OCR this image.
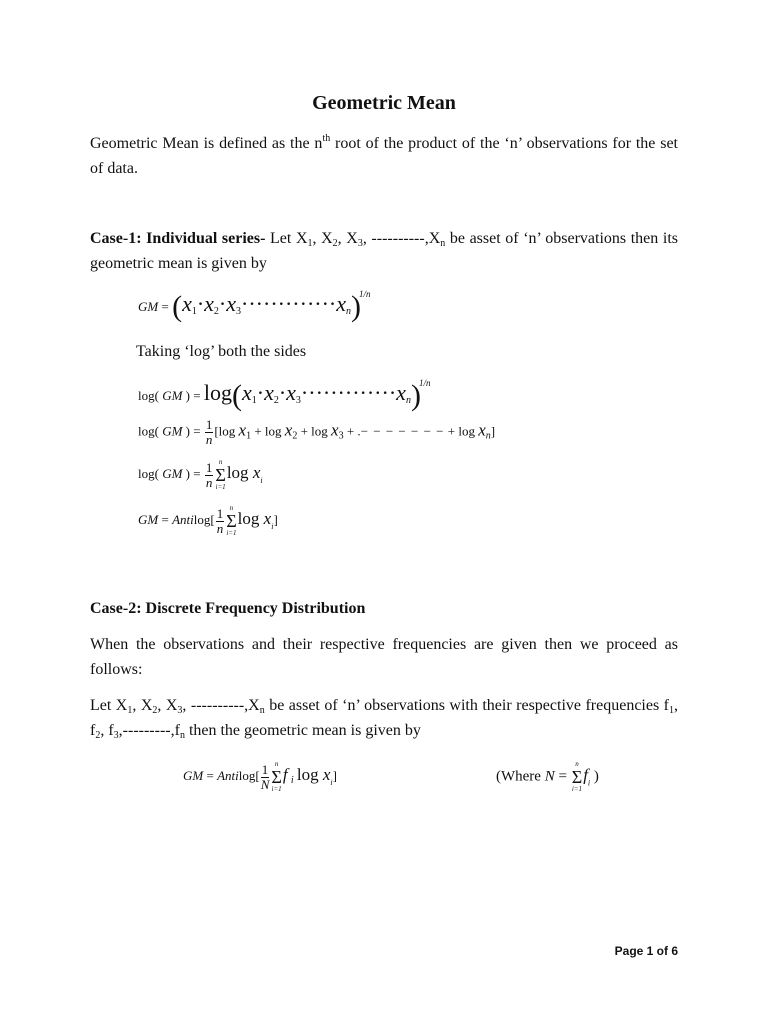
Geometric Mean

Geometric Mean is defined as the $n^{th}$ root of the product of the ‘n’ observations for the set of data.

Case-1: Individual series- Let $X_1$, $X_2$, $X_3$, $----------,X_n$ be asset of ‘n’ observations then its geometric mean is given by

GM = $(x_1\cdot x_2\cdot x_3\cdot\cdot\cdot\cdot\cdot\cdot\cdot\cdot\cdot\cdot\cdot\cdot\cdot x_n)^{1/n}$

Taking ‘log’ both the sides

log( GM ) = $\log(x_1\cdot x_2\cdot x_3\cdot\cdot\cdot\cdot\cdot\cdot\cdot\cdot\cdot\cdot\cdot\cdot\cdot x_n)^{1/n}$
log( GM ) = $\frac{1}{n} [\log$ $x_1 + \log x_2 + \log x_3$ + .− − − − − − − + $\log x_n$]
log( GM ) = $\frac{1}{n}$ n
Σ
i=1
$\log x_i$
GM = Antilog[ $\frac{1}{n}$ n
Σ
i=1
$\log x_i$]

Case-2: Discrete Frequency Distribution

When the observations and their respective frequencies are given then we proceed as follows:

Let $X_1$, $X_2$, $X_3$, $----------,X_n$ be asset of ‘n’ observations with their respective frequencies $f_1$, $f_2$, $f_3,---------,f_n$ then the geometric mean is given by

GM = Antilog[ $\frac{1}{N}$ n
Σ
i=1
f $_i$ $\log x_i$]	(Where N =
n
Σ
i=1
$f_i$ )
Page 1 of 6
